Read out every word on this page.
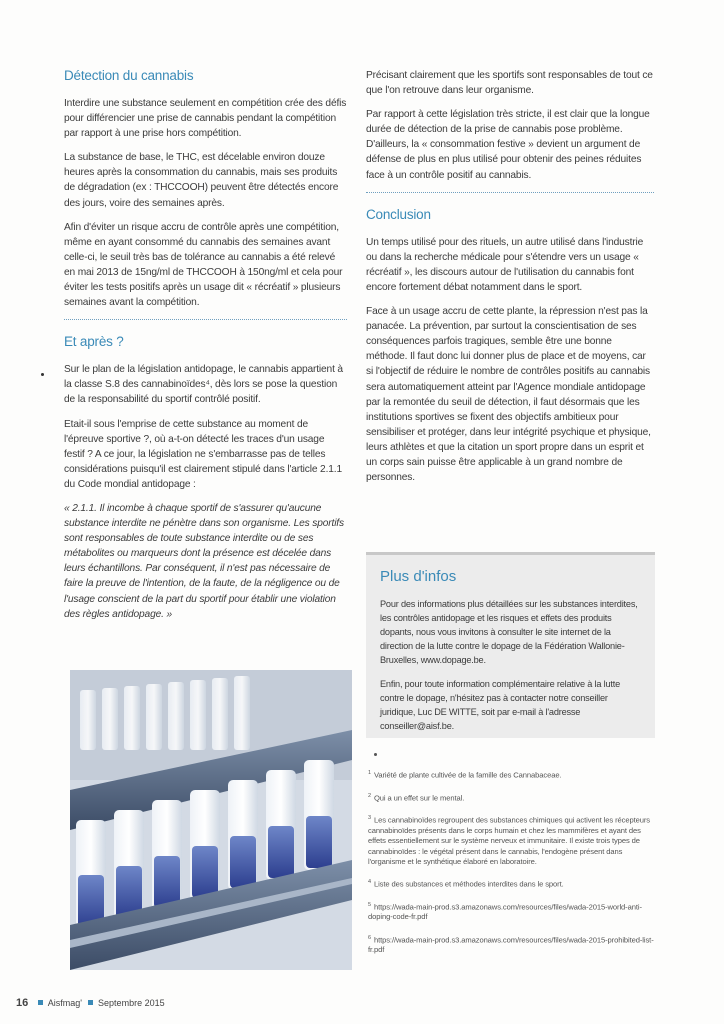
Détection du cannabis

Interdire une substance seulement en compétition crée des défis pour différencier une prise de cannabis pendant la compétition par rapport à une prise hors compétition.

La substance de base, le THC, est décelable environ douze heures après la consommation du cannabis, mais ses produits de dégradation (ex : THCCOOH) peuvent être détectés encore des jours, voire des semaines après.

Afin d'éviter un risque accru de contrôle après une compétition, même en ayant consommé du cannabis des semaines avant celle-ci, le seuil très bas de tolérance au cannabis a été relevé en mai 2013 de 15ng/ml de THCCOOH à 150ng/ml et cela pour éviter les tests positifs après un usage dit « récréatif » plusieurs semaines avant la compétition.

Et après ?

Sur le plan de la législation antidopage, le cannabis appartient à la classe S.8 des cannabinoïdes⁴, dès lors se pose la question de la responsabilité du sportif contrôlé positif.

Etait-il sous l'emprise de cette substance au moment de l'épreuve sportive ?, où a-t-on détecté les traces d'un usage festif ? A ce jour, la législation ne s'embarrasse pas de telles considérations puisqu'il est clairement stipulé dans l'article 2.1.1 du Code mondial antidopage :

« 2.1.1. Il incombe à chaque sportif de s'assurer qu'aucune substance interdite ne pénètre dans son organisme. Les sportifs sont responsables de toute substance interdite ou de ses métabolites ou marqueurs dont la présence est décelée dans leurs échantillons. Par conséquent, il n'est pas nécessaire de faire la preuve de l'intention, de la faute, de la négligence ou de l'usage conscient de la part du sportif pour établir une violation des règles antidopage. »

Précisant clairement que les sportifs sont responsables de tout ce que l'on retrouve dans leur organisme.

Par rapport à cette législation très stricte, il est clair que la longue durée de détection de la prise de cannabis pose problème. D'ailleurs, la « consommation festive » devient un argument de défense de plus en plus utilisé pour obtenir des peines réduites face à un contrôle positif au cannabis.

Conclusion

Un temps utilisé pour des rituels, un autre utilisé dans l'industrie ou dans la recherche médicale pour s'étendre vers un usage « récréatif », les discours autour de l'utilisation du cannabis font encore fortement débat notamment dans le sport.

Face à un usage accru de cette plante, la répression n'est pas la panacée. La prévention, par surtout la conscientisation de ses conséquences parfois tragiques, semble être une bonne méthode. Il faut donc lui donner plus de place et de moyens, car si l'objectif de réduire le nombre de contrôles positifs au cannabis sera automatiquement atteint par l'Agence mondiale antidopage par la remontée du seuil de détection, il faut désormais que les institutions sportives se fixent des objectifs ambitieux pour sensibiliser et protéger, dans leur intégrité psychique et physique, leurs athlètes et que la citation un sport propre dans un esprit et un corps sain puisse être applicable à un grand nombre de personnes.

Plus d'infos

Pour des informations plus détaillées sur les substances interdites, les contrôles antidopage et les risques et effets des produits dopants, nous vous invitons à consulter le site internet de la direction de la lutte contre le dopage de la Fédération Wallonie-Bruxelles, www.dopage.be.

Enfin, pour toute information complémentaire relative à la lutte contre le dopage, n'hésitez pas à contacter notre conseiller juridique, Luc DE WITTE, soit par e-mail à l'adresse conseiller@aisf.be.

$^1$ Variété de plante cultivée de la famille des Cannabaceae.
$^2$ Qui a un effet sur le mental.
$^3$ Les cannabinoïdes regroupent des substances chimiques qui activent les récepteurs cannabinoïdes présents dans le corps humain et chez les mammifères et ayant des effets essentiellement sur le système nerveux et immunitaire. Il existe trois types de cannabinoïdes : le végétal présent dans le cannabis, l'endogène présent dans l'organisme et le synthétique élaboré en laboratoire.
$^4$ Liste des substances et méthodes interdites dans le sport.
$^5$ https://wada-main-prod.s3.amazonaws.com/resources/files/wada-2015-world-anti-doping-code-fr.pdf
$^6$ https://wada-main-prod.s3.amazonaws.com/resources/files/wada-2015-prohibited-list-fr.pdf
16 Aisfmag' Septembre 2015
